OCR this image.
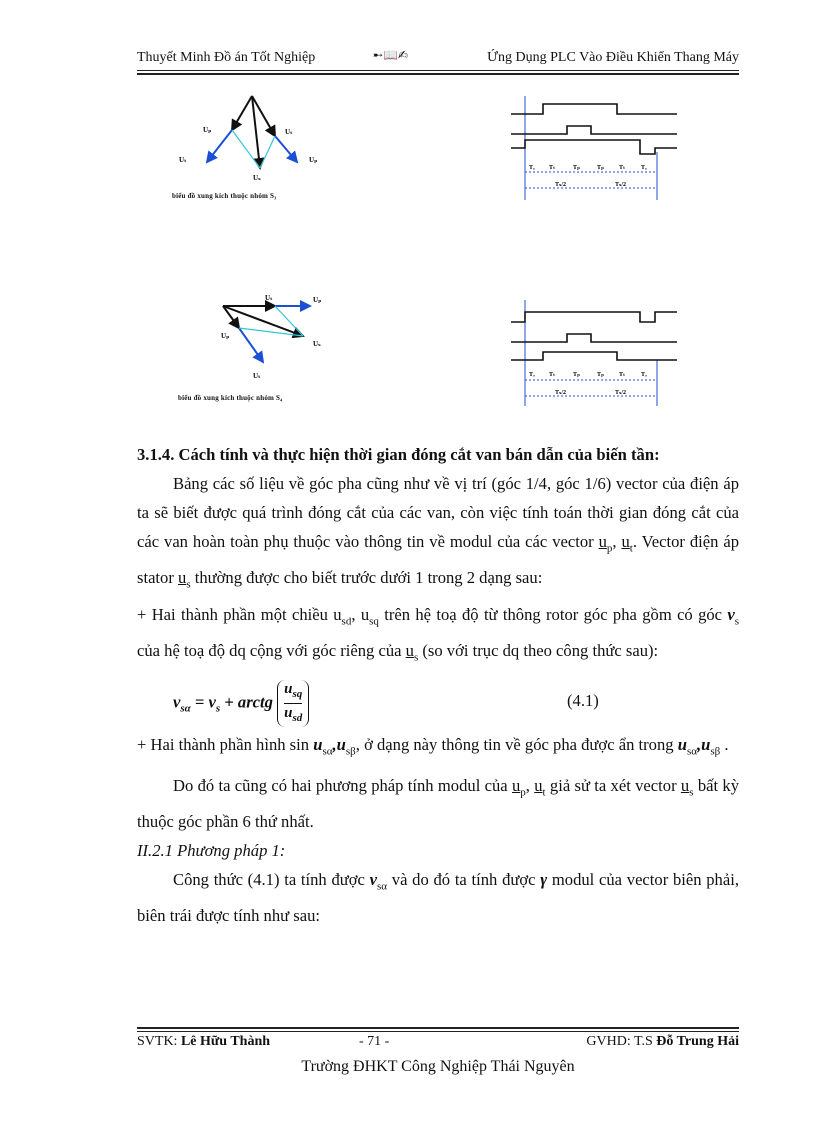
Thuyết Minh Đồ án Tốt Nghiệp	➸📖✍	Ứng Dụng PLC Vào Điều Khiển Thang Máy
Uₚ	Uₜ
Uₜ	Uₚ
Uₛ
biểu đồ xung kích thuộc nhóm S₃
Tₒ Tₜ	Tₚ	Tₚ	Tₜ	Tₒ
Tₛ/2	Tₛ/2
Uₜ	Uₚ
Uₚ
Uₛ
Uₜ
biểu đồ xung kích thuộc nhóm S₄
Tₒ Tₜ	Tₚ	Tₚ	Tₜ	Tₒ
Tₛ/2	Tₛ/2

3.1.4. Cách tính và thực hiện thời gian đóng cắt van bán dẫn của biến tần:

Bảng các số liệu về góc pha cũng như về vị trí (góc 1/4, góc 1/6) vector của điện áp ta sẽ biết được quá trình đóng cắt của các van, còn việc tính toán thời gian đóng cắt của các van hoàn toàn phụ thuộc vào thông tin về modul của các vector $u_p$, $u_t$. Vector điện áp stator $u_s$ thường được cho biết trước dưới 1 trong 2 dạng sau:

+ Hai thành phần một chiều $u_{sd}$, $u_{sq}$ trên hệ toạ độ từ thông rotor góc pha gồm có góc $\nu_s$ của hệ toạ độ dq cộng với góc riêng của $u_s$ (so với trục dq theo công thức sau):

$\nu_{s\alpha} = \nu_s$ + arctg
$u_{sq}$
$u_{sd}$
(4.1)

+ Hai thành phần hình $\sin u_{s\alpha},u_{s\beta}$, ở dạng này thông tin về góc pha được ẩn trong $u_{s\alpha},u_{s\beta}$ .

Do đó ta cũng có hai phương pháp tính modul của $u_p$, $u_t$ giả sử ta xét vector $u_s$ bất kỳ thuộc góc phần 6 thứ nhất.

II.2.1 Phương pháp 1:

Công thức (4.1) ta tính được $\nu_{s\alpha}$ và do đó ta tính được γ modul của vector biên phải, biên trái được tính như sau:

SVTK: Lê Hữu Thành	- 71 -	GVHD: T.S Đỗ Trung Hải
Trường ĐHKT Công Nghiệp Thái Nguyên
